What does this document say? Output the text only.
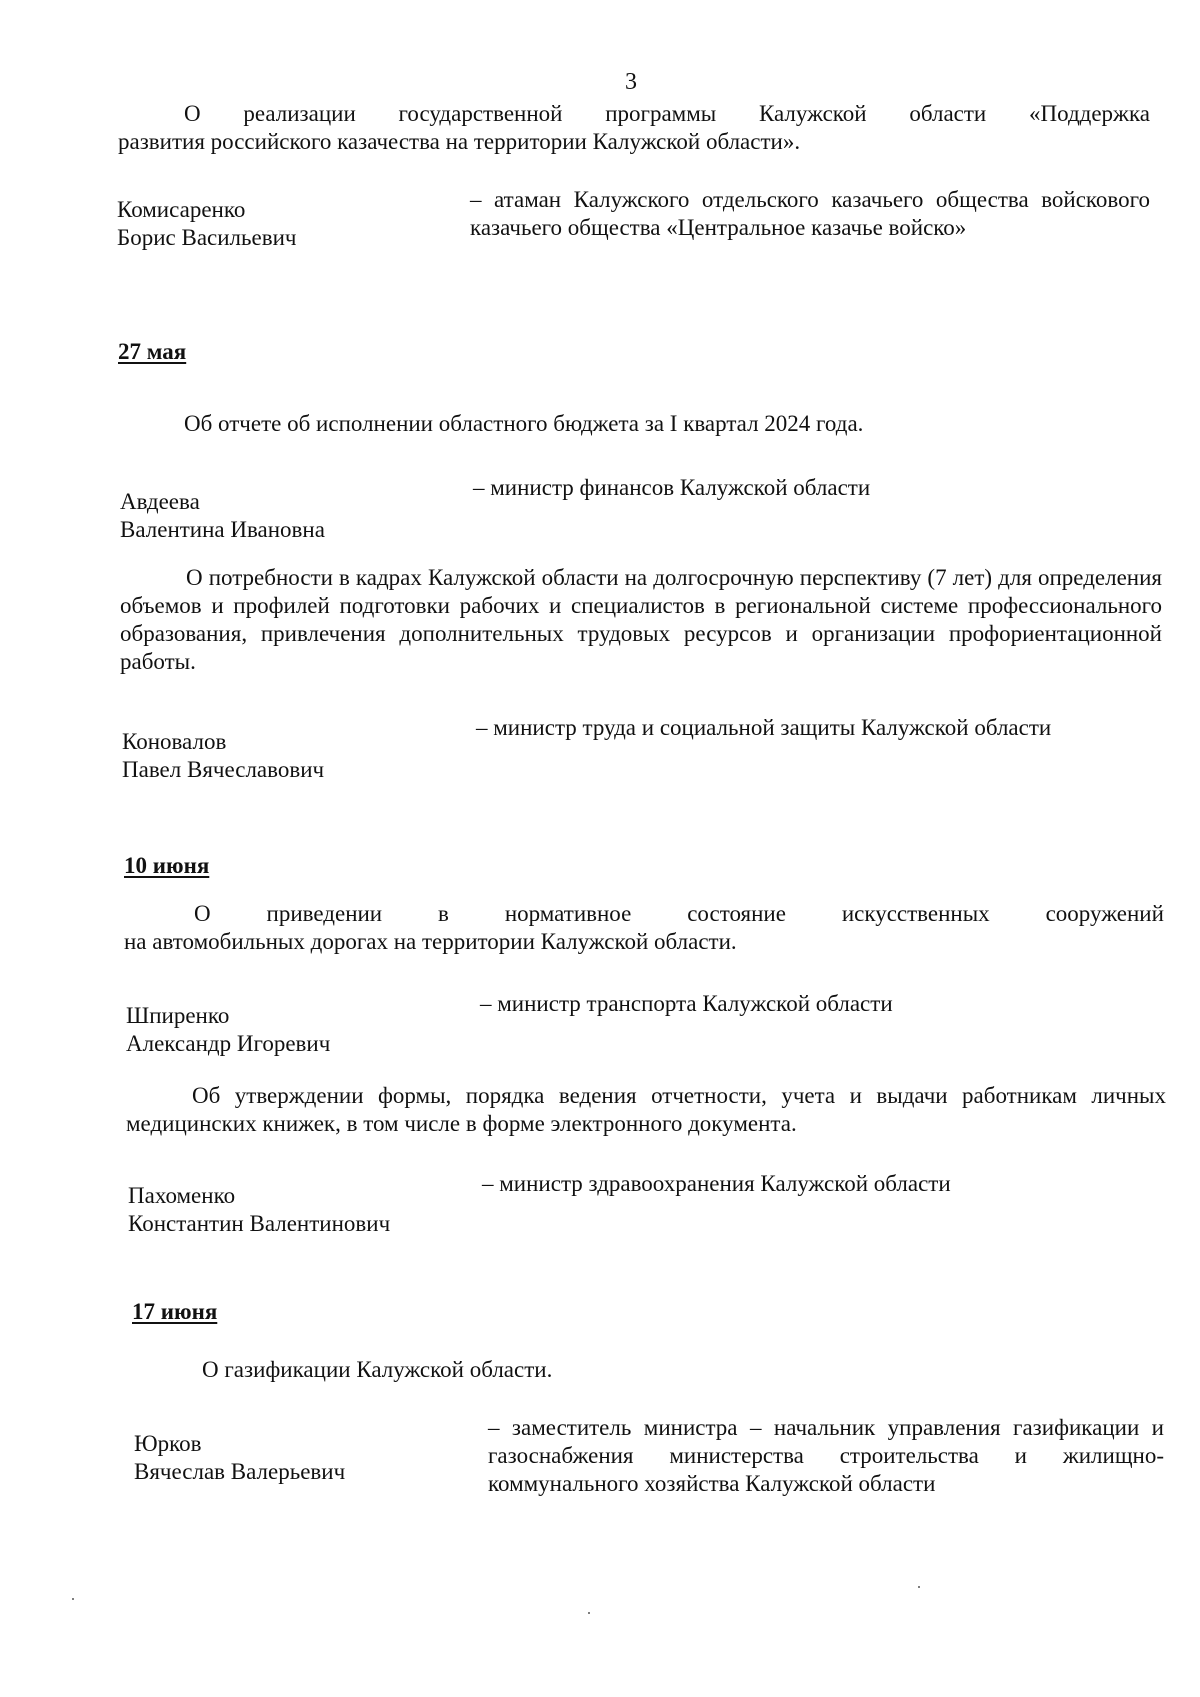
3
О реализации государственной программы Калужской области «Поддержка
развития российского казачества на территории Калужской области».
Комисаренко
Борис Васильевич
– атаман Калужского отдельского казачьего общества войскового казачьего общества «Центральное казачье войско»
27 мая
Об отчете об исполнении областного бюджета за I квартал 2024 года.
Авдеева
Валентина Ивановна
– министр финансов Калужской области
О потребности в кадрах Калужской области на долгосрочную перспективу (7 лет) для определения объемов и профилей подготовки рабочих и специалистов в региональной системе профессионального образования, привлечения дополнительных трудовых ресурсов и организации профориентационной работы.
Коновалов
Павел Вячеславович
– министр труда и социальной защиты Калужской области
10 июня
О приведении в нормативное состояние искусственных сооружений
на автомобильных дорогах на территории Калужской области.
Шпиренко
Александр Игоревич
– министр транспорта Калужской области
Об утверждении формы, порядка ведения отчетности, учета и выдачи работникам личных медицинских книжек, в том числе в форме электронного документа.
Пахоменко
Константин Валентинович
– министр здравоохранения Калужской области
17 июня
О газификации Калужской области.
Юрков
Вячеслав Валерьевич
– заместитель министра – начальник управления газификации и газоснабжения министерства строительства и жилищно-коммунального хозяйства Калужской области
